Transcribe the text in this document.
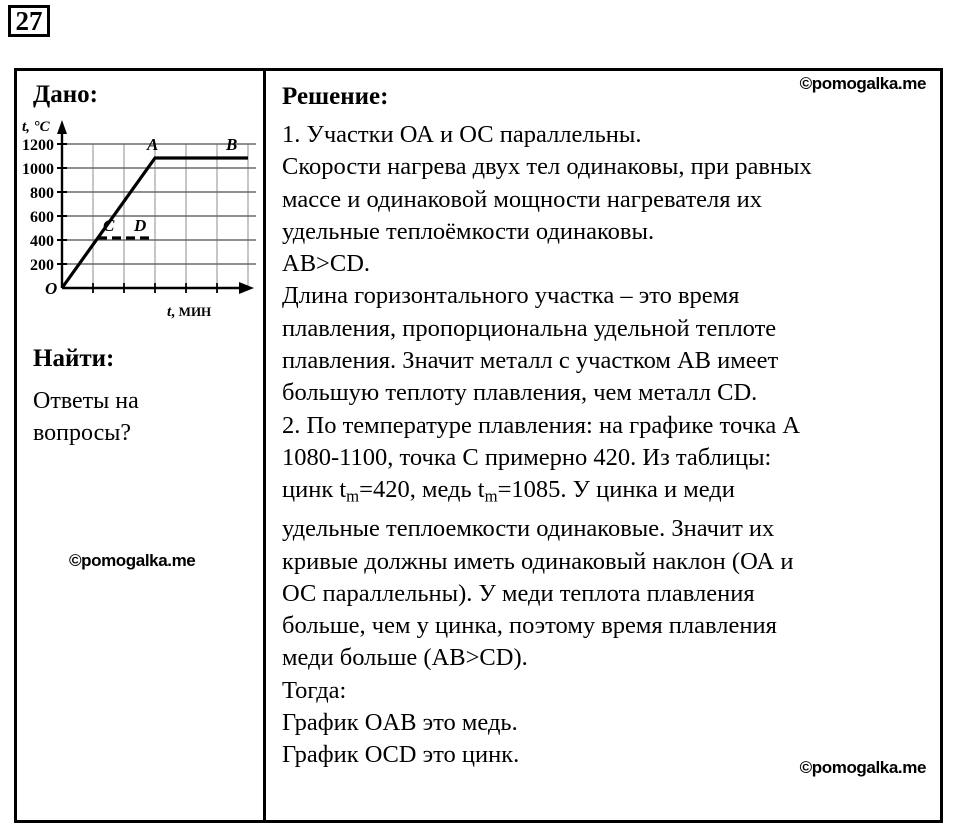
27
Дано:
200
400
600
800
1000
1200
t, °C
t, МИН
O
A	B
C D
Найти:
Ответы на вопросы?
©pomogalka.me
©pomogalka.me
Решение:
1. Участки ОА и ОС параллельны.
Скорости нагрева двух тел одинаковы, при равных
массе и одинаковой мощности нагревателя их
удельные теплоёмкости одинаковы.
AB>CD.
Длина горизонтального участка – это время
плавления, пропорциональна удельной теплоте
плавления. Значит металл с участком AB имеет
большую теплоту плавления, чем металл CD.
2. По температуре плавления: на графике точка A
1080-1100, точка C примерно 420. Из таблицы:
цинк $t_m=420$, медь $t_m=1085$. У цинка и меди
удельные теплоемкости одинаковые. Значит их
кривые должны иметь одинаковый наклон (ОА и
ОС параллельны). У меди теплота плавления
больше, чем у цинка, поэтому время плавления
меди больше (AB>CD).
Тогда:
График OAB это медь.
График OCD это цинк.	©pomogalka.me
